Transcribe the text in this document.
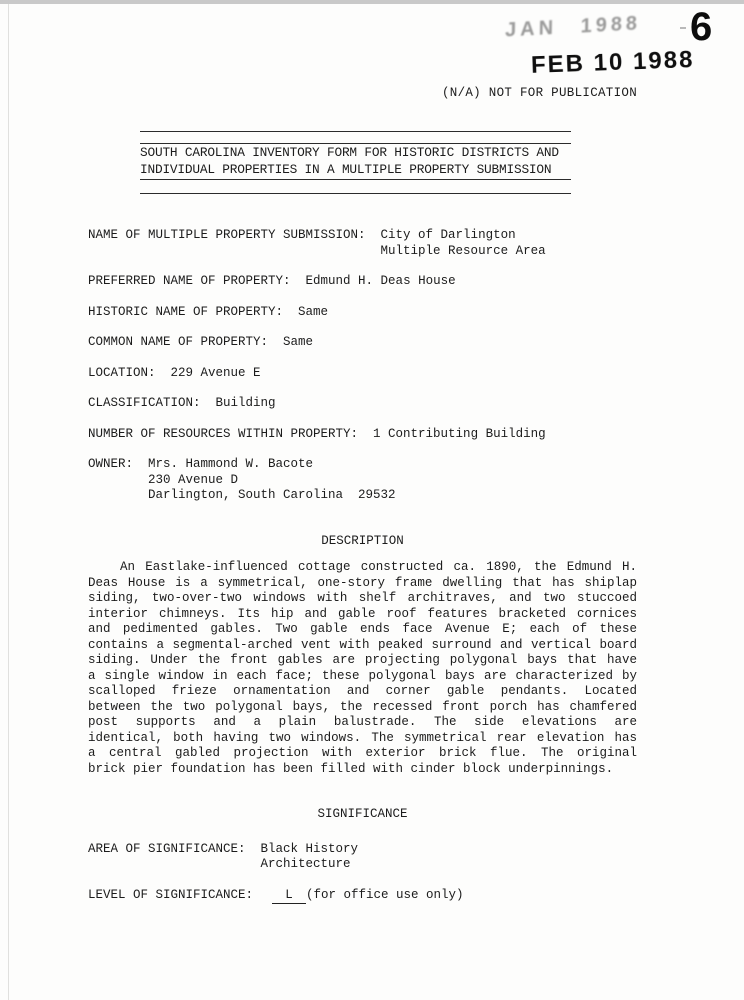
6
JAN 1988
FEB 10 1988
(N/A) NOT FOR PUBLICATION
SOUTH CAROLINA INVENTORY FORM FOR HISTORIC DISTRICTS AND
INDIVIDUAL PROPERTIES IN A MULTIPLE PROPERTY SUBMISSION
NAME OF MULTIPLE PROPERTY SUBMISSION: City of Darlington
Multiple Resource Area
PREFERRED NAME OF PROPERTY: Edmund H. Deas House
HISTORIC NAME OF PROPERTY: Same
COMMON NAME OF PROPERTY: Same
LOCATION: 229 Avenue E
CLASSIFICATION: Building
NUMBER OF RESOURCES WITHIN PROPERTY: 1 Contributing Building
OWNER: Mrs. Hammond W. Bacote
230 Avenue D
Darlington, South Carolina  29532
DESCRIPTION
An Eastlake-influenced cottage constructed ca. 1890, the Edmund H.
Deas House is a symmetrical, one-story frame dwelling that has shiplap
siding, two-over-two windows with shelf architraves, and two stuccoed
interior chimneys. Its hip and gable roof features bracketed cornices
and pedimented gables. Two gable ends face Avenue E; each of these
contains a segmental-arched vent with peaked surround and vertical board
siding. Under the front gables are projecting polygonal bays that have
a single window in each face; these polygonal bays are characterized by
scalloped frieze ornamentation and corner gable pendants. Located
between the two polygonal bays, the recessed front porch has chamfered
post supports and a plain balustrade. The side elevations are
identical, both having two windows. The symmetrical rear elevation has
a central gabled projection with exterior brick flue. The original
brick pier foundation has been filled with cinder block underpinnings.
SIGNIFICANCE
AREA OF SIGNIFICANCE: Black History
Architecture
LEVEL OF SIGNIFICANCE:	L	(for office use only)
